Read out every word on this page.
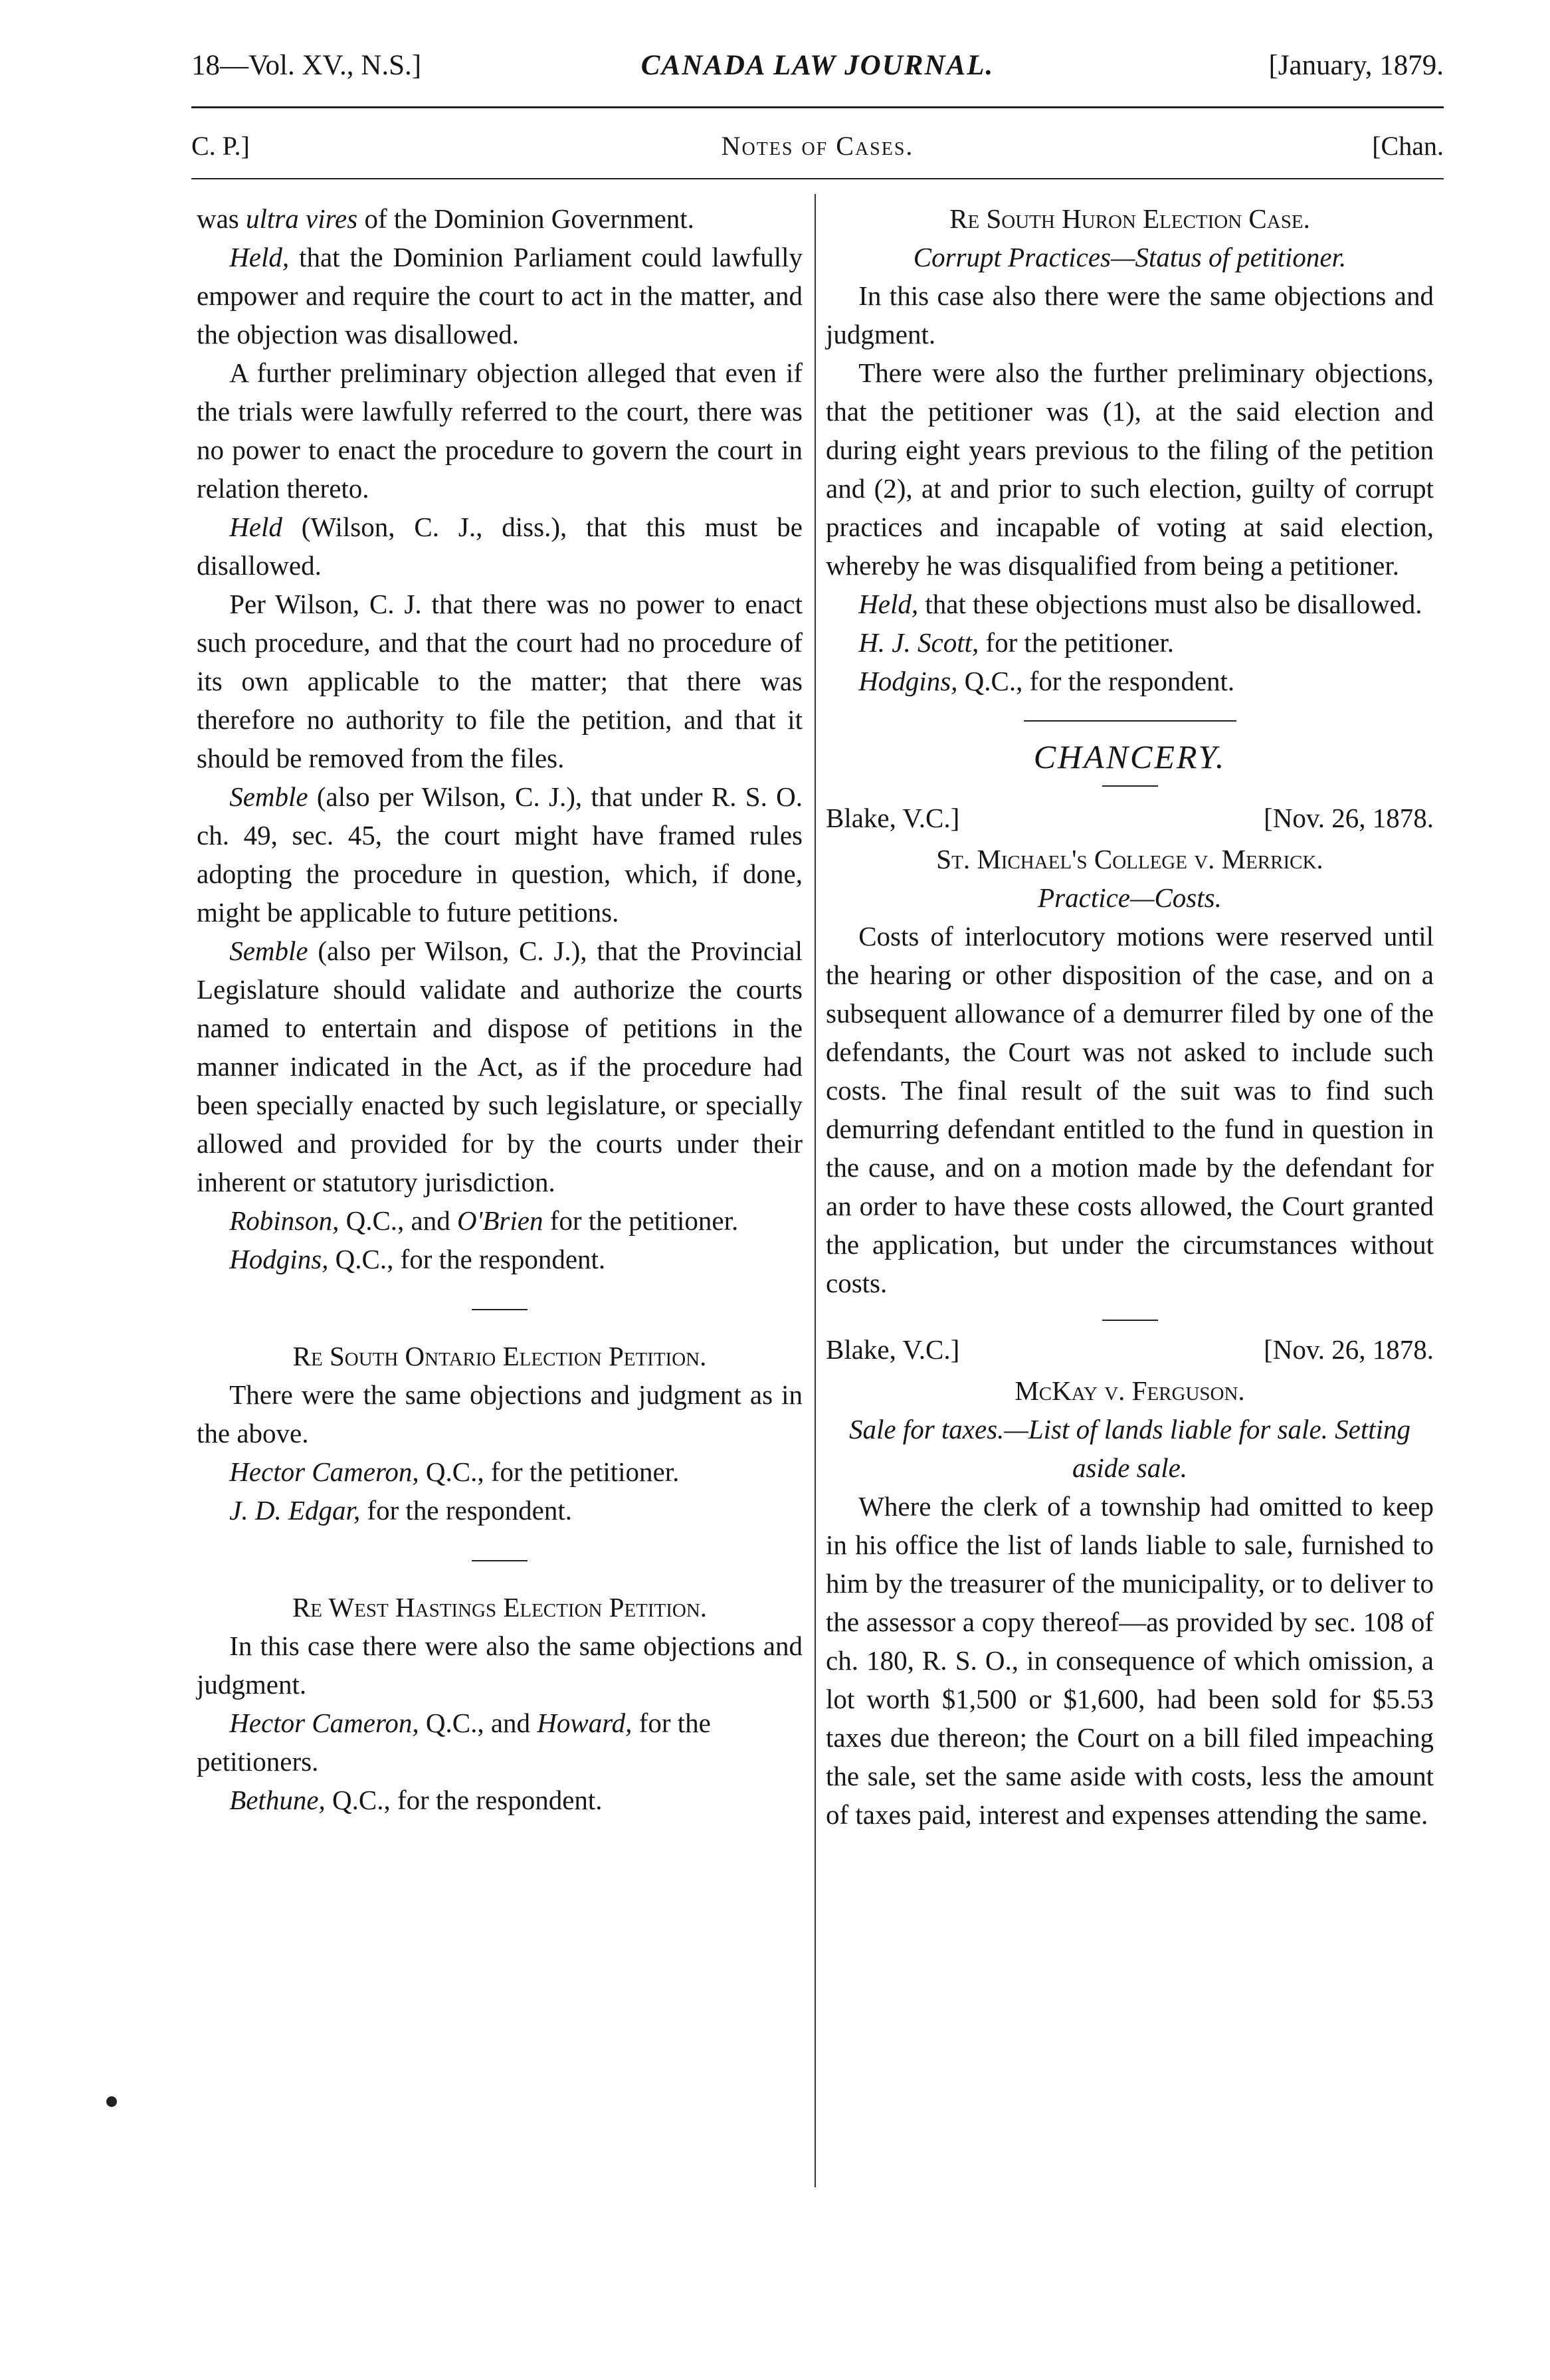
18—Vol. XV., N.S.]	CANADA LAW JOURNAL.	[January, 1879.
C. P.]	Notes of Cases.	[Chan.

was ultra vires of the Dominion Government.

Held, that the Dominion Parliament could lawfully empower and require the court to act in the matter, and the objection was disallowed.

A further preliminary objection alleged that even if the trials were lawfully referred to the court, there was no power to enact the procedure to govern the court in relation thereto.

Held (Wilson, C. J., diss.), that this must be disallowed.

Per Wilson, C. J. that there was no power to enact such procedure, and that the court had no procedure of its own applicable to the matter; that there was therefore no authority to file the petition, and that it should be removed from the files.

Semble (also per Wilson, C. J.), that under R. S. O. ch. 49, sec. 45, the court might have framed rules adopting the procedure in question, which, if done, might be applicable to future petitions.

Semble (also per Wilson, C. J.), that the Provincial Legislature should validate and authorize the courts named to entertain and dispose of petitions in the manner indicated in the Act, as if the procedure had been specially enacted by such legislature, or specially allowed and provided for by the courts under their inherent or statutory jurisdiction.

Robinson, Q.C., and O'Brien for the petitioner.

Hodgins, Q.C., for the respondent.

Re South Ontario Election Petition.

There were the same objections and judgment as in the above.

Hector Cameron, Q.C., for the petitioner.

J. D. Edgar, for the respondent.

Re West Hastings Election Petition.

In this case there were also the same objections and judgment.

Hector Cameron, Q.C., and Howard, for the petitioners.

Bethune, Q.C., for the respondent.

Re South Huron Election Case.

Corrupt Practices—Status of petitioner.

In this case also there were the same objections and judgment.

There were also the further preliminary objections, that the petitioner was (1), at the said election and during eight years previous to the filing of the petition and (2), at and prior to such election, guilty of corrupt practices and incapable of voting at said election, whereby he was disqualified from being a petitioner.

Held, that these objections must also be disallowed.

H. J. Scott, for the petitioner.

Hodgins, Q.C., for the respondent.

CHANCERY.
Blake, V.C.]	[Nov. 26, 1878.

St. Michael's College v. Merrick.

Practice—Costs.

Costs of interlocutory motions were reserved until the hearing or other disposition of the case, and on a subsequent allowance of a demurrer filed by one of the defendants, the Court was not asked to include such costs. The final result of the suit was to find such demurring defendant entitled to the fund in question in the cause, and on a motion made by the defendant for an order to have these costs allowed, the Court granted the application, but under the circumstances without costs.

Blake, V.C.]	[Nov. 26, 1878.

McKay v. Ferguson.

Sale for taxes.—List of lands liable for sale. Setting aside sale.

Where the clerk of a township had omitted to keep in his office the list of lands liable to sale, furnished to him by the treasurer of the municipality, or to deliver to the assessor a copy thereof—as provided by sec. 108 of ch. 180, R. S. O., in consequence of which omission, a lot worth $1,500 or $1,600, had been sold for $5.53 taxes due thereon; the Court on a bill filed impeaching the sale, set the same aside with costs, less the amount of taxes paid, interest and expenses attending the same.
